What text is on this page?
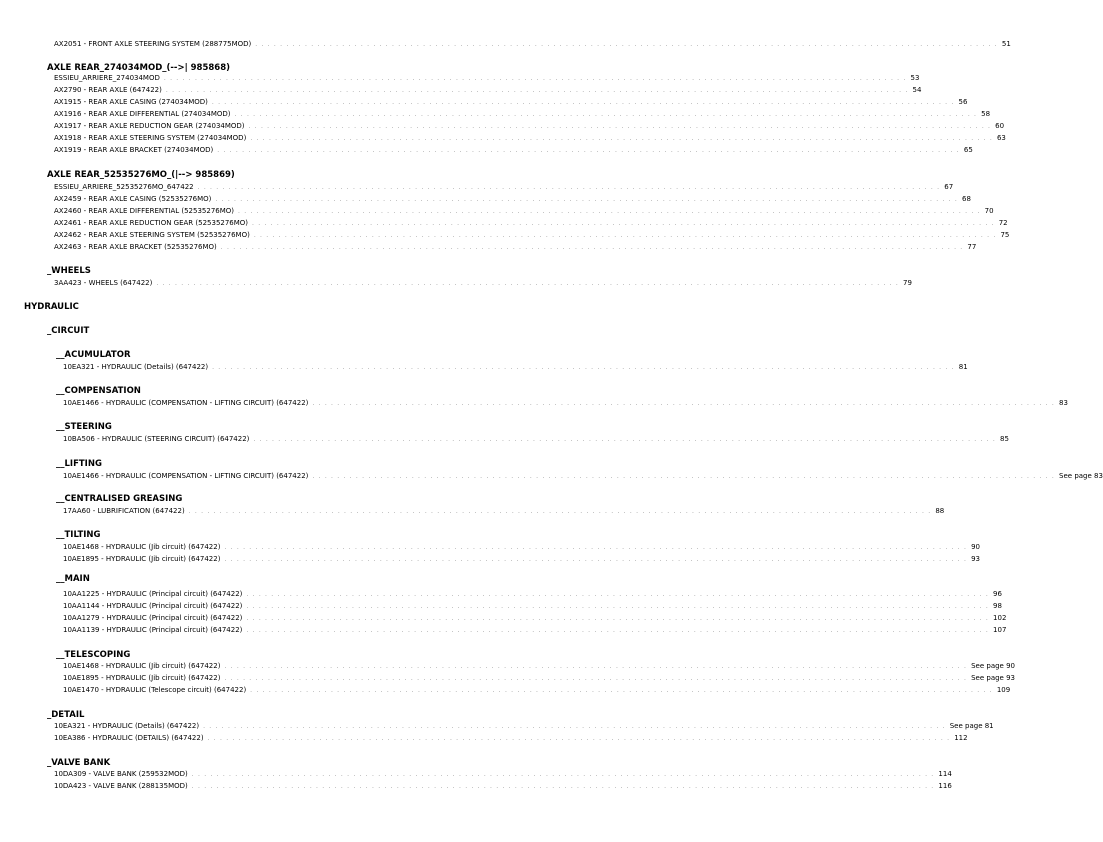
AX2051 - FRONT AXLE STEERING SYSTEM (288775MOD) . . . . . . . . . . . . . . . . . . . . . . . . . . . . . . . . . . . . . . . . . . . . . . . . . . . . . . . . . . . . . . . . . . . . . . . . . . . . . . . . . . . . . . . . . . . . . . . . . . . . . . . . . . . . . . . . . . . . . . . . 51
AXLE REAR_274034MOD_(-->| 985868)
ESSIEU_ARRIERE_274034MOD . . . . . . . . . . . . . . . . . . . . . . . . . . . . . . . . . . . . . . . . . . . . . . . . . . . . . . . . . . . . . . . . . . . . . . . . . . . . . . . . . . . . . . . . . . . . . . . . . . . . . . . . . . . . . . . . . . . . . . . . 53
AX2790 - REAR AXLE (647422) . . . . . . . . . . . . . . . . . . . . . . . . . . . . . . . . . . . . . . . . . . . . . . . . . . . . . . . . . . . . . . . . . . . . . . . . . . . . . . . . . . . . . . . . . . . . . . . . . . . . . . . . . . . . . . . . . . . . . . . . 54
AX1915 - REAR AXLE CASING (274034MOD) . . . . . . . . . . . . . . . . . . . . . . . . . . . . . . . . . . . . . . . . . . . . . . . . . . . . . . . . . . . . . . . . . . . . . . . . . . . . . . . . . . . . . . . . . . . . . . . . . . . . . . . . . . . . . . . . . . . . . . . . 56
AX1916 - REAR AXLE DIFFERENTIAL (274034MOD) . . . . . . . . . . . . . . . . . . . . . . . . . . . . . . . . . . . . . . . . . . . . . . . . . . . . . . . . . . . . . . . . . . . . . . . . . . . . . . . . . . . . . . . . . . . . . . . . . . . . . . . . . . . . . . . . . . . . . . . . 58
AX1917 - REAR AXLE REDUCTION GEAR (274034MOD) . . . . . . . . . . . . . . . . . . . . . . . . . . . . . . . . . . . . . . . . . . . . . . . . . . . . . . . . . . . . . . . . . . . . . . . . . . . . . . . . . . . . . . . . . . . . . . . . . . . . . . . . . . . . . . . . . . . . . . . . 60
AX1918 - REAR AXLE STEERING SYSTEM (274034MOD) . . . . . . . . . . . . . . . . . . . . . . . . . . . . . . . . . . . . . . . . . . . . . . . . . . . . . . . . . . . . . . . . . . . . . . . . . . . . . . . . . . . . . . . . . . . . . . . . . . . . . . . . . . . . . . . . . . . . . . . . 63
AX1919 - REAR AXLE BRACKET (274034MOD) . . . . . . . . . . . . . . . . . . . . . . . . . . . . . . . . . . . . . . . . . . . . . . . . . . . . . . . . . . . . . . . . . . . . . . . . . . . . . . . . . . . . . . . . . . . . . . . . . . . . . . . . . . . . . . . . . . . . . . . . 65
AXLE REAR_52535276MO_(|--> 985869)
ESSIEU_ARRIERE_52535276MO_647422 . . . . . . . . . . . . . . . . . . . . . . . . . . . . . . . . . . . . . . . . . . . . . . . . . . . . . . . . . . . . . . . . . . . . . . . . . . . . . . . . . . . . . . . . . . . . . . . . . . . . . . . . . . . . . . . . . . . . . . . . 67
AX2459 - REAR AXLE CASING (52535276MO) . . . . . . . . . . . . . . . . . . . . . . . . . . . . . . . . . . . . . . . . . . . . . . . . . . . . . . . . . . . . . . . . . . . . . . . . . . . . . . . . . . . . . . . . . . . . . . . . . . . . . . . . . . . . . . . . . . . . . . . . 68
AX2460 - REAR AXLE DIFFERENTIAL (52535276MO) . . . . . . . . . . . . . . . . . . . . . . . . . . . . . . . . . . . . . . . . . . . . . . . . . . . . . . . . . . . . . . . . . . . . . . . . . . . . . . . . . . . . . . . . . . . . . . . . . . . . . . . . . . . . . . . . . . . . . . . . 70
AX2461 - REAR AXLE REDUCTION GEAR (52535276MO) . . . . . . . . . . . . . . . . . . . . . . . . . . . . . . . . . . . . . . . . . . . . . . . . . . . . . . . . . . . . . . . . . . . . . . . . . . . . . . . . . . . . . . . . . . . . . . . . . . . . . . . . . . . . . . . . . . . . . . . . 72
AX2462 - REAR AXLE STEERING SYSTEM (52535276MO) . . . . . . . . . . . . . . . . . . . . . . . . . . . . . . . . . . . . . . . . . . . . . . . . . . . . . . . . . . . . . . . . . . . . . . . . . . . . . . . . . . . . . . . . . . . . . . . . . . . . . . . . . . . . . . . . . . . . . . . . 75
AX2463 - REAR AXLE BRACKET (52535276MO) . . . . . . . . . . . . . . . . . . . . . . . . . . . . . . . . . . . . . . . . . . . . . . . . . . . . . . . . . . . . . . . . . . . . . . . . . . . . . . . . . . . . . . . . . . . . . . . . . . . . . . . . . . . . . . . . . . . . . . . . 77
_WHEELS
3AA423 - WHEELS (647422) . . . . . . . . . . . . . . . . . . . . . . . . . . . . . . . . . . . . . . . . . . . . . . . . . . . . . . . . . . . . . . . . . . . . . . . . . . . . . . . . . . . . . . . . . . . . . . . . . . . . . . . . . . . . . . . . . . . . . . . . 79
HYDRAULIC
_CIRCUIT
__ACUMULATOR
10EA321 - HYDRAULIC (Details) (647422) . . . . . . . . . . . . . . . . . . . . . . . . . . . . . . . . . . . . . . . . . . . . . . . . . . . . . . . . . . . . . . . . . . . . . . . . . . . . . . . . . . . . . . . . . . . . . . . . . . . . . . . . . . . . . . . . . . . . . . . . 81
__COMPENSATION
10AE1466 - HYDRAULIC (COMPENSATION - LIFTING CIRCUIT) (647422) . . . . . . . . . . . . . . . . . . . . . . . . . . . . . . . . . . . . . . . . . . . . . . . . . . . . . . . . . . . . . . . . . . . . . . . . . . . . . . . . . . . . . . . . . . . . . . . . . . . . . . . . . . . . . . . . . . . . . . . . 83
__STEERING
10BA506 - HYDRAULIC (STEERING CIRCUIT) (647422) . . . . . . . . . . . . . . . . . . . . . . . . . . . . . . . . . . . . . . . . . . . . . . . . . . . . . . . . . . . . . . . . . . . . . . . . . . . . . . . . . . . . . . . . . . . . . . . . . . . . . . . . . . . . . . . . . . . . . . . . 85
__LIFTING
10AE1466 - HYDRAULIC (COMPENSATION - LIFTING CIRCUIT) (647422) . . . . . . . . . . . . . . . . . . . . . . . . . . . . . . . . . . . . . . . . . . . . . . . . . . . . . . . . . . . . . . . . . . . . . . . . . . . . . . . . . . . . . . . . . . . . . . . . . . . . . . . . . . . . . . . . . . . . . . . . See page 83
__CENTRALISED GREASING
17AA60 - LUBRIFICATION (647422) . . . . . . . . . . . . . . . . . . . . . . . . . . . . . . . . . . . . . . . . . . . . . . . . . . . . . . . . . . . . . . . . . . . . . . . . . . . . . . . . . . . . . . . . . . . . . . . . . . . . . . . . . . . . . . . . . . . . . . . . 88
__TILTING
10AE1468 - HYDRAULIC (Jib circuit) (647422) . . . . . . . . . . . . . . . . . . . . . . . . . . . . . . . . . . . . . . . . . . . . . . . . . . . . . . . . . . . . . . . . . . . . . . . . . . . . . . . . . . . . . . . . . . . . . . . . . . . . . . . . . . . . . . . . . . . . . . . . 90
10AE1895 - HYDRAULIC (Jib circuit) (647422) . . . . . . . . . . . . . . . . . . . . . . . . . . . . . . . . . . . . . . . . . . . . . . . . . . . . . . . . . . . . . . . . . . . . . . . . . . . . . . . . . . . . . . . . . . . . . . . . . . . . . . . . . . . . . . . . . . . . . . . . 93
__MAIN
10AA1225 - HYDRAULIC (Principal circuit) (647422) . . . . . . . . . . . . . . . . . . . . . . . . . . . . . . . . . . . . . . . . . . . . . . . . . . . . . . . . . . . . . . . . . . . . . . . . . . . . . . . . . . . . . . . . . . . . . . . . . . . . . . . . . . . . . . . . . . . . . . . . 96
10AA1144 - HYDRAULIC (Principal circuit) (647422) . . . . . . . . . . . . . . . . . . . . . . . . . . . . . . . . . . . . . . . . . . . . . . . . . . . . . . . . . . . . . . . . . . . . . . . . . . . . . . . . . . . . . . . . . . . . . . . . . . . . . . . . . . . . . . . . . . . . . . . . 98
10AA1279 - HYDRAULIC (Principal circuit) (647422) . . . . . . . . . . . . . . . . . . . . . . . . . . . . . . . . . . . . . . . . . . . . . . . . . . . . . . . . . . . . . . . . . . . . . . . . . . . . . . . . . . . . . . . . . . . . . . . . . . . . . . . . . . . . . . . . . . . . . . . . 102
10AA1139 - HYDRAULIC (Principal circuit) (647422) . . . . . . . . . . . . . . . . . . . . . . . . . . . . . . . . . . . . . . . . . . . . . . . . . . . . . . . . . . . . . . . . . . . . . . . . . . . . . . . . . . . . . . . . . . . . . . . . . . . . . . . . . . . . . . . . . . . . . . . . 107
__TELESCOPING
10AE1468 - HYDRAULIC (Jib circuit) (647422) . . . . . . . . . . . . . . . . . . . . . . . . . . . . . . . . . . . . . . . . . . . . . . . . . . . . . . . . . . . . . . . . . . . . . . . . . . . . . . . . . . . . . . . . . . . . . . . . . . . . . . . . . . . . . . . . . . . . . . . . See page 90
10AE1895 - HYDRAULIC (Jib circuit) (647422) . . . . . . . . . . . . . . . . . . . . . . . . . . . . . . . . . . . . . . . . . . . . . . . . . . . . . . . . . . . . . . . . . . . . . . . . . . . . . . . . . . . . . . . . . . . . . . . . . . . . . . . . . . . . . . . . . . . . . . . . See page 93
10AE1470 - HYDRAULIC (Telescope circuit) (647422) . . . . . . . . . . . . . . . . . . . . . . . . . . . . . . . . . . . . . . . . . . . . . . . . . . . . . . . . . . . . . . . . . . . . . . . . . . . . . . . . . . . . . . . . . . . . . . . . . . . . . . . . . . . . . . . . . . . . . . . . 109
_DETAIL
10EA321 - HYDRAULIC (Details) (647422) . . . . . . . . . . . . . . . . . . . . . . . . . . . . . . . . . . . . . . . . . . . . . . . . . . . . . . . . . . . . . . . . . . . . . . . . . . . . . . . . . . . . . . . . . . . . . . . . . . . . . . . . . . . . . . . . . . . . . . . . See page 81
10EA386 - HYDRAULIC (DETAILS) (647422) . . . . . . . . . . . . . . . . . . . . . . . . . . . . . . . . . . . . . . . . . . . . . . . . . . . . . . . . . . . . . . . . . . . . . . . . . . . . . . . . . . . . . . . . . . . . . . . . . . . . . . . . . . . . . . . . . . . . . . . . 112
_VALVE BANK
10DA309 - VALVE BANK (259532MOD) . . . . . . . . . . . . . . . . . . . . . . . . . . . . . . . . . . . . . . . . . . . . . . . . . . . . . . . . . . . . . . . . . . . . . . . . . . . . . . . . . . . . . . . . . . . . . . . . . . . . . . . . . . . . . . . . . . . . . . . . 114
10DA423 - VALVE BANK (288135MOD) . . . . . . . . . . . . . . . . . . . . . . . . . . . . . . . . . . . . . . . . . . . . . . . . . . . . . . . . . . . . . . . . . . . . . . . . . . . . . . . . . . . . . . . . . . . . . . . . . . . . . . . . . . . . . . . . . . . . . . . . 116
